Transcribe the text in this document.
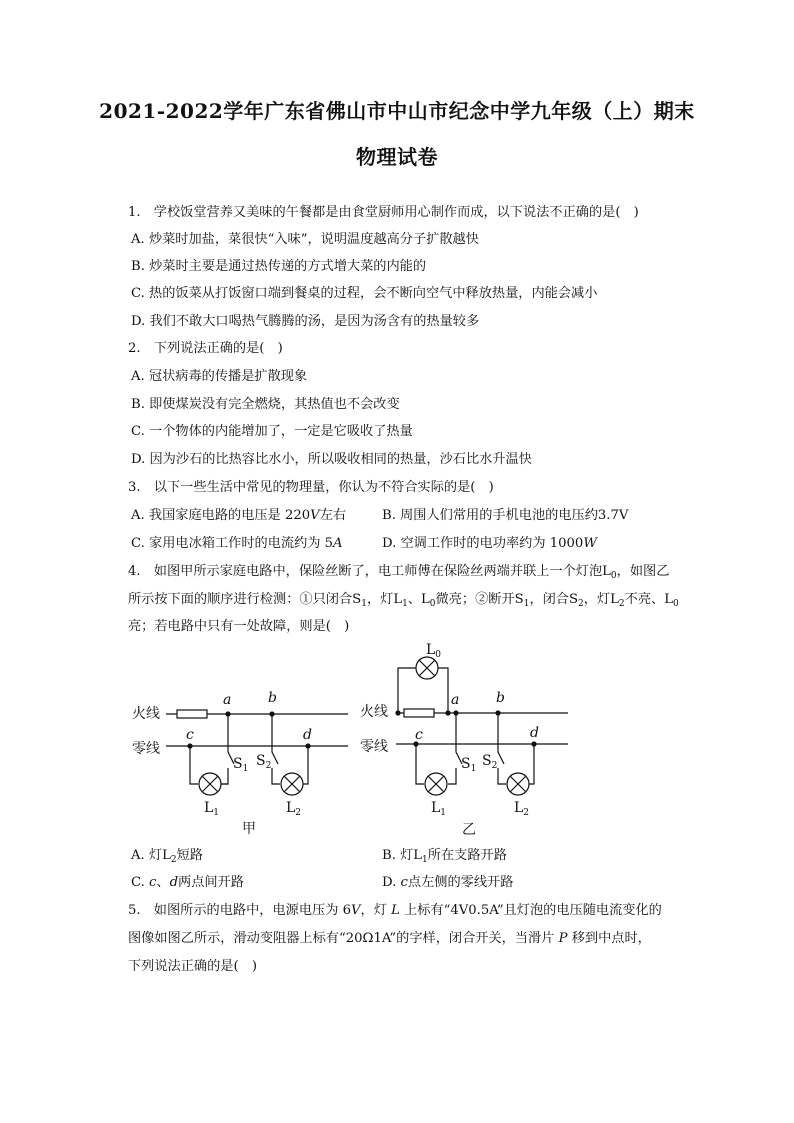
2021-2022学年广东省佛山市中山市纪念中学九年级（上）期末
物理试卷
1.　学校饭堂营养又美味的午餐都是由食堂厨师用心制作而成，以下说法不正确的是(　)
A. 炒菜时加盐，菜很快“入味”，说明温度越高分子扩散越快
B. 炒菜时主要是通过热传递的方式增大菜的内能的
C. 热的饭菜从打饭窗口端到餐桌的过程，会不断向空气中释放热量，内能会减小
D. 我们不敢大口喝热气腾腾的汤，是因为汤含有的热量较多
2.　下列说法正确的是(　)
A. 冠状病毒的传播是扩散现象
B. 即使煤炭没有完全燃烧，其热值也不会改变
C. 一个物体的内能增加了，一定是它吸收了热量
D. 因为沙石的比热容比水小，所以吸收相同的热量，沙石比水升温快
3.　以下一些生活中常见的物理量，你认为不符合实际的是(　)
A. 我国家庭电路的电压是 220V左右	B. 周围人们常用的手机电池的电压约3.7V
C. 家用电冰箱工作时的电流约为 5A	D. 空调工作时的电功率约为 1000W
4.　如图甲所示家庭电路中，保险丝断了，电工师傅在保险丝两端并联上一个灯泡$L_0$，如图乙
所示按下面的顺序进行检测：①只闭合$S_1$，灯$L_1$、$L_0$微亮；②断开$S_1$，闭合$S_2$，灯$L_2$不亮、$L_0$
亮；若电路中只有一处故障，则是(　)
火线
零线
a	b
c	d
$S_1$
$L_1$
$S_2$
$L_2$
甲
火线
零线
$L_0$
a	b
c	d
$S_1$
$L_1$
$S_2$
$L_2$
乙
A. 灯$L_2$短路	B. 灯$L_1$所在支路开路
C. c、d两点间开路	D. c点左侧的零线开路
5.　如图所示的电路中，电源电压为 6V，灯 L 上标有“4V0.5A”且灯泡的电压随电流变化的
图像如图乙所示，滑动变阻器上标有“20Ω1A”的字样，闭合开关，当滑片 P 移到中点时，
下列说法正确的是(　)
